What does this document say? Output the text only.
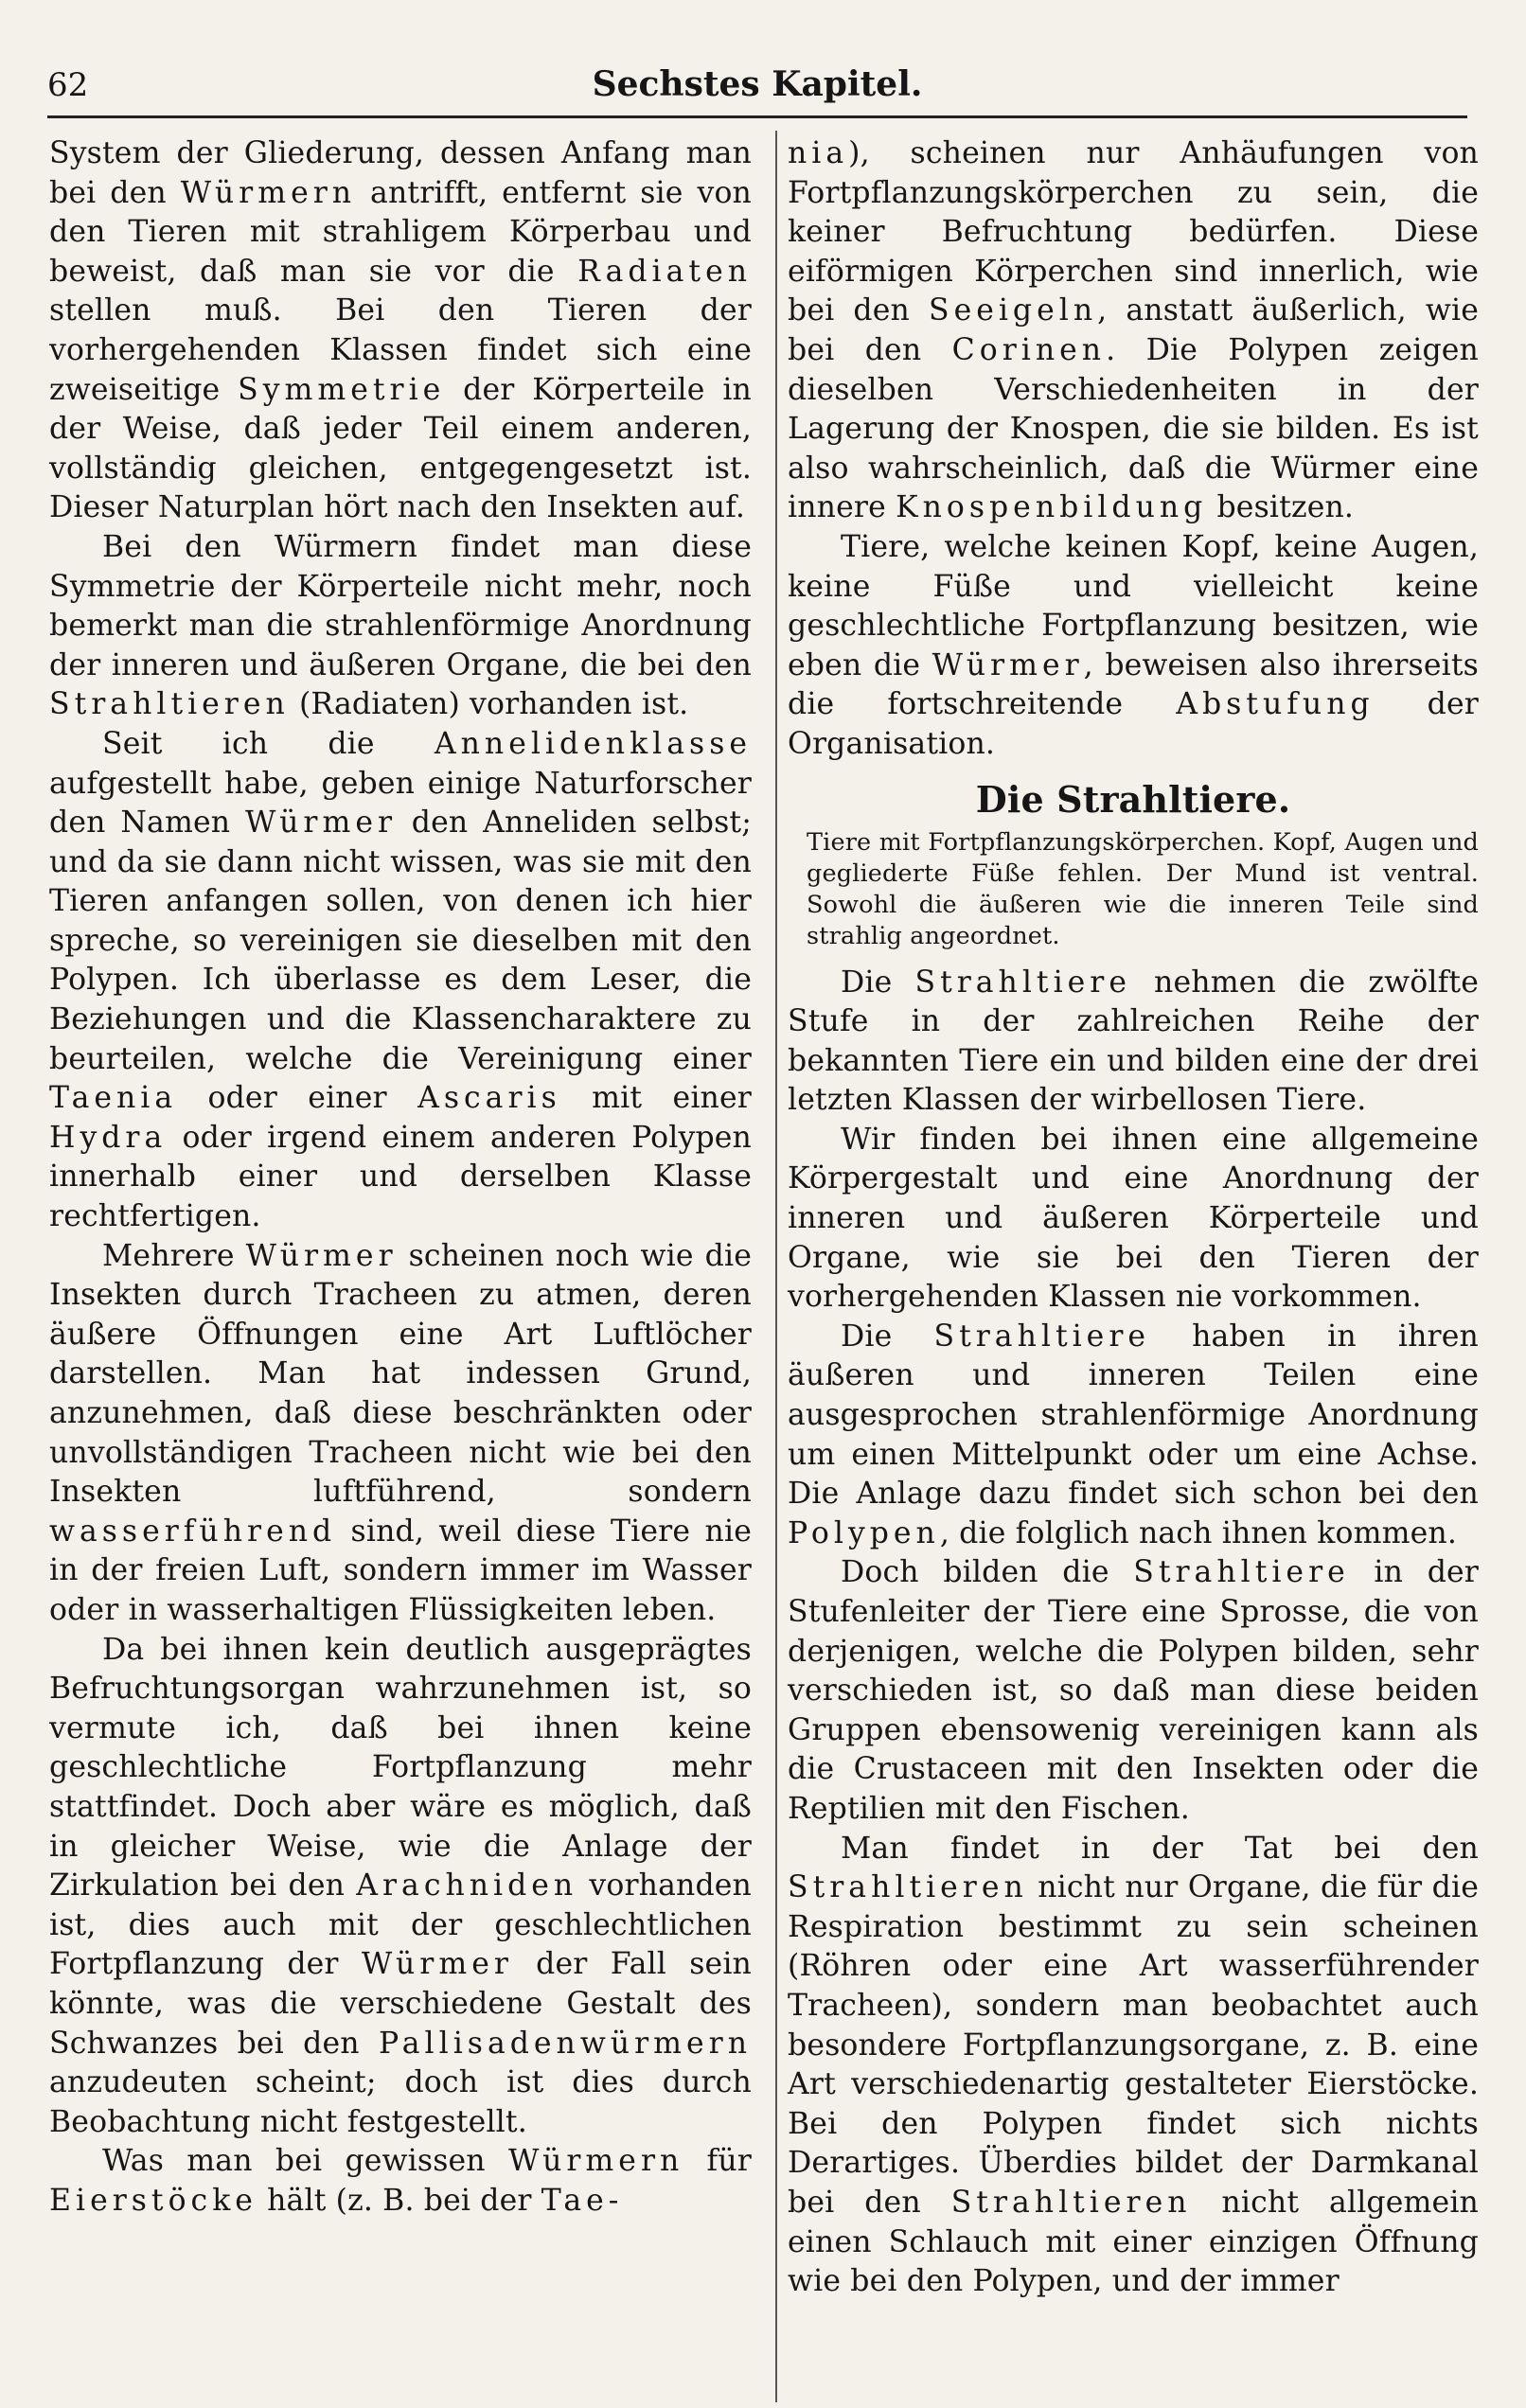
62	Sechstes Kapitel.

System der Gliederung, dessen Anfang man bei den Würmern antrifft, entfernt sie von den Tieren mit strahligem Körperbau und beweist, daß man sie vor die Radiaten stellen muß. Bei den Tieren der vorhergehenden Klassen findet sich eine zweiseitige Symmetrie der Körperteile in der Weise, daß jeder Teil einem anderen, vollständig gleichen, entgegengesetzt ist. Dieser Naturplan hört nach den Insekten auf.

Bei den Würmern findet man diese Symmetrie der Körperteile nicht mehr, noch bemerkt man die strahlenförmige Anordnung der inneren und äußeren Organe, die bei den Strahltieren (Radiaten) vorhanden ist.

Seit ich die Annelidenklasse aufgestellt habe, geben einige Naturforscher den Namen Würmer den Anneliden selbst; und da sie dann nicht wissen, was sie mit den Tieren anfangen sollen, von denen ich hier spreche, so vereinigen sie dieselben mit den Polypen. Ich überlasse es dem Leser, die Beziehungen und die Klassencharaktere zu beurteilen, welche die Vereinigung einer Taenia oder einer Ascaris mit einer Hydra oder irgend einem anderen Polypen innerhalb einer und derselben Klasse rechtfertigen.

Mehrere Würmer scheinen noch wie die Insekten durch Tracheen zu atmen, deren äußere Öffnungen eine Art Luftlöcher darstellen. Man hat indessen Grund, anzunehmen, daß diese beschränkten oder unvollständigen Tracheen nicht wie bei den Insekten luftführend, sondern wasserführend sind, weil diese Tiere nie in der freien Luft, sondern immer im Wasser oder in wasserhaltigen Flüssigkeiten leben.

Da bei ihnen kein deutlich ausgeprägtes Befruchtungsorgan wahrzunehmen ist, so vermute ich, daß bei ihnen keine geschlechtliche Fortpflanzung mehr stattfindet. Doch aber wäre es möglich, daß in gleicher Weise, wie die Anlage der Zirkulation bei den Arachniden vorhanden ist, dies auch mit der geschlechtlichen Fortpflanzung der Würmer der Fall sein könnte, was die verschiedene Gestalt des Schwanzes bei den Pallisadenwürmern anzudeuten scheint; doch ist dies durch Beobachtung nicht festgestellt.

Was man bei gewissen Würmern für Eierstöcke hält (z. B. bei der Tae-

nia), scheinen nur Anhäufungen von Fortpflanzungskörperchen zu sein, die keiner Befruchtung bedürfen. Diese eiförmigen Körperchen sind innerlich, wie bei den Seeigeln, anstatt äußerlich, wie bei den Corinen. Die Polypen zeigen dieselben Verschiedenheiten in der Lagerung der Knospen, die sie bilden. Es ist also wahrscheinlich, daß die Würmer eine innere Knospenbildung besitzen.

Tiere, welche keinen Kopf, keine Augen, keine Füße und vielleicht keine geschlechtliche Fortpflanzung besitzen, wie eben die Würmer, beweisen also ihrerseits die fortschreitende Abstufung der Organisation.

Die Strahltiere.

Tiere mit Fortpflanzungskörperchen. Kopf, Augen und gegliederte Füße fehlen. Der Mund ist ventral. Sowohl die äußeren wie die inneren Teile sind strahlig angeordnet.

Die Strahltiere nehmen die zwölfte Stufe in der zahlreichen Reihe der bekannten Tiere ein und bilden eine der drei letzten Klassen der wirbellosen Tiere.

Wir finden bei ihnen eine allgemeine Körpergestalt und eine Anordnung der inneren und äußeren Körperteile und Organe, wie sie bei den Tieren der vorhergehenden Klassen nie vorkommen.

Die Strahltiere haben in ihren äußeren und inneren Teilen eine ausgesprochen strahlenförmige Anordnung um einen Mittelpunkt oder um eine Achse. Die Anlage dazu findet sich schon bei den Polypen, die folglich nach ihnen kommen.

Doch bilden die Strahltiere in der Stufenleiter der Tiere eine Sprosse, die von derjenigen, welche die Polypen bilden, sehr verschieden ist, so daß man diese beiden Gruppen ebensowenig vereinigen kann als die Crustaceen mit den Insekten oder die Reptilien mit den Fischen.

Man findet in der Tat bei den Strahltieren nicht nur Organe, die für die Respiration bestimmt zu sein scheinen (Röhren oder eine Art wasserführender Tracheen), sondern man beobachtet auch besondere Fortpflanzungsorgane, z. B. eine Art verschiedenartig gestalteter Eierstöcke. Bei den Polypen findet sich nichts Derartiges. Überdies bildet der Darmkanal bei den Strahltieren nicht allgemein einen Schlauch mit einer einzigen Öffnung wie bei den Polypen, und der immer
